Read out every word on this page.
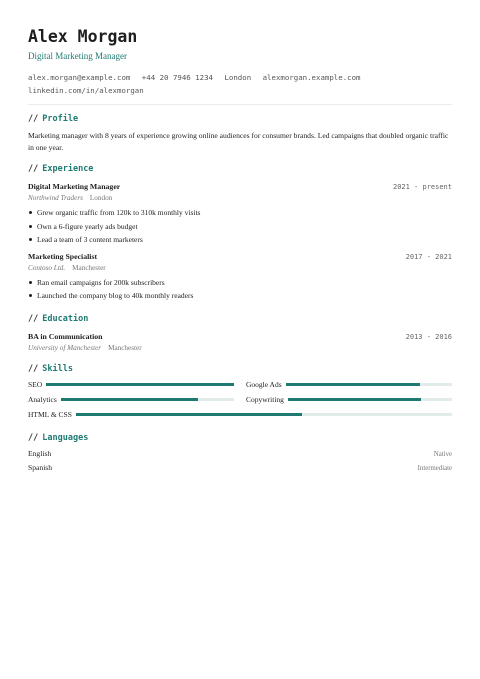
Alex Morgan
Digital Marketing Manager
alex.morgan@example.com +44 20 7946 1234 London alexmorgan.example.com linkedin.com/in/alexmorgan
// Profile
Marketing manager with 8 years of experience growing online audiences for consumer brands. Led campaigns that doubled organic traffic in one year.
// Experience
Digital Marketing Manager	2021 - present
Northwind Traders London
Grew organic traffic from 120k to 310k monthly visits
Own a 6-figure yearly ads budget
Lead a team of 3 content marketers
Marketing Specialist	2017 - 2021
Contoso Ltd. Manchester
Ran email campaigns for 200k subscribers
Launched the company blog to 40k monthly readers
// Education
BA in Communication	2013 - 2016
University of Manchester Manchester
// Skills
SEO	Google Ads
Analytics	Copywriting
HTML & CSS
// Languages
English	Native
Spanish	Intermediate
